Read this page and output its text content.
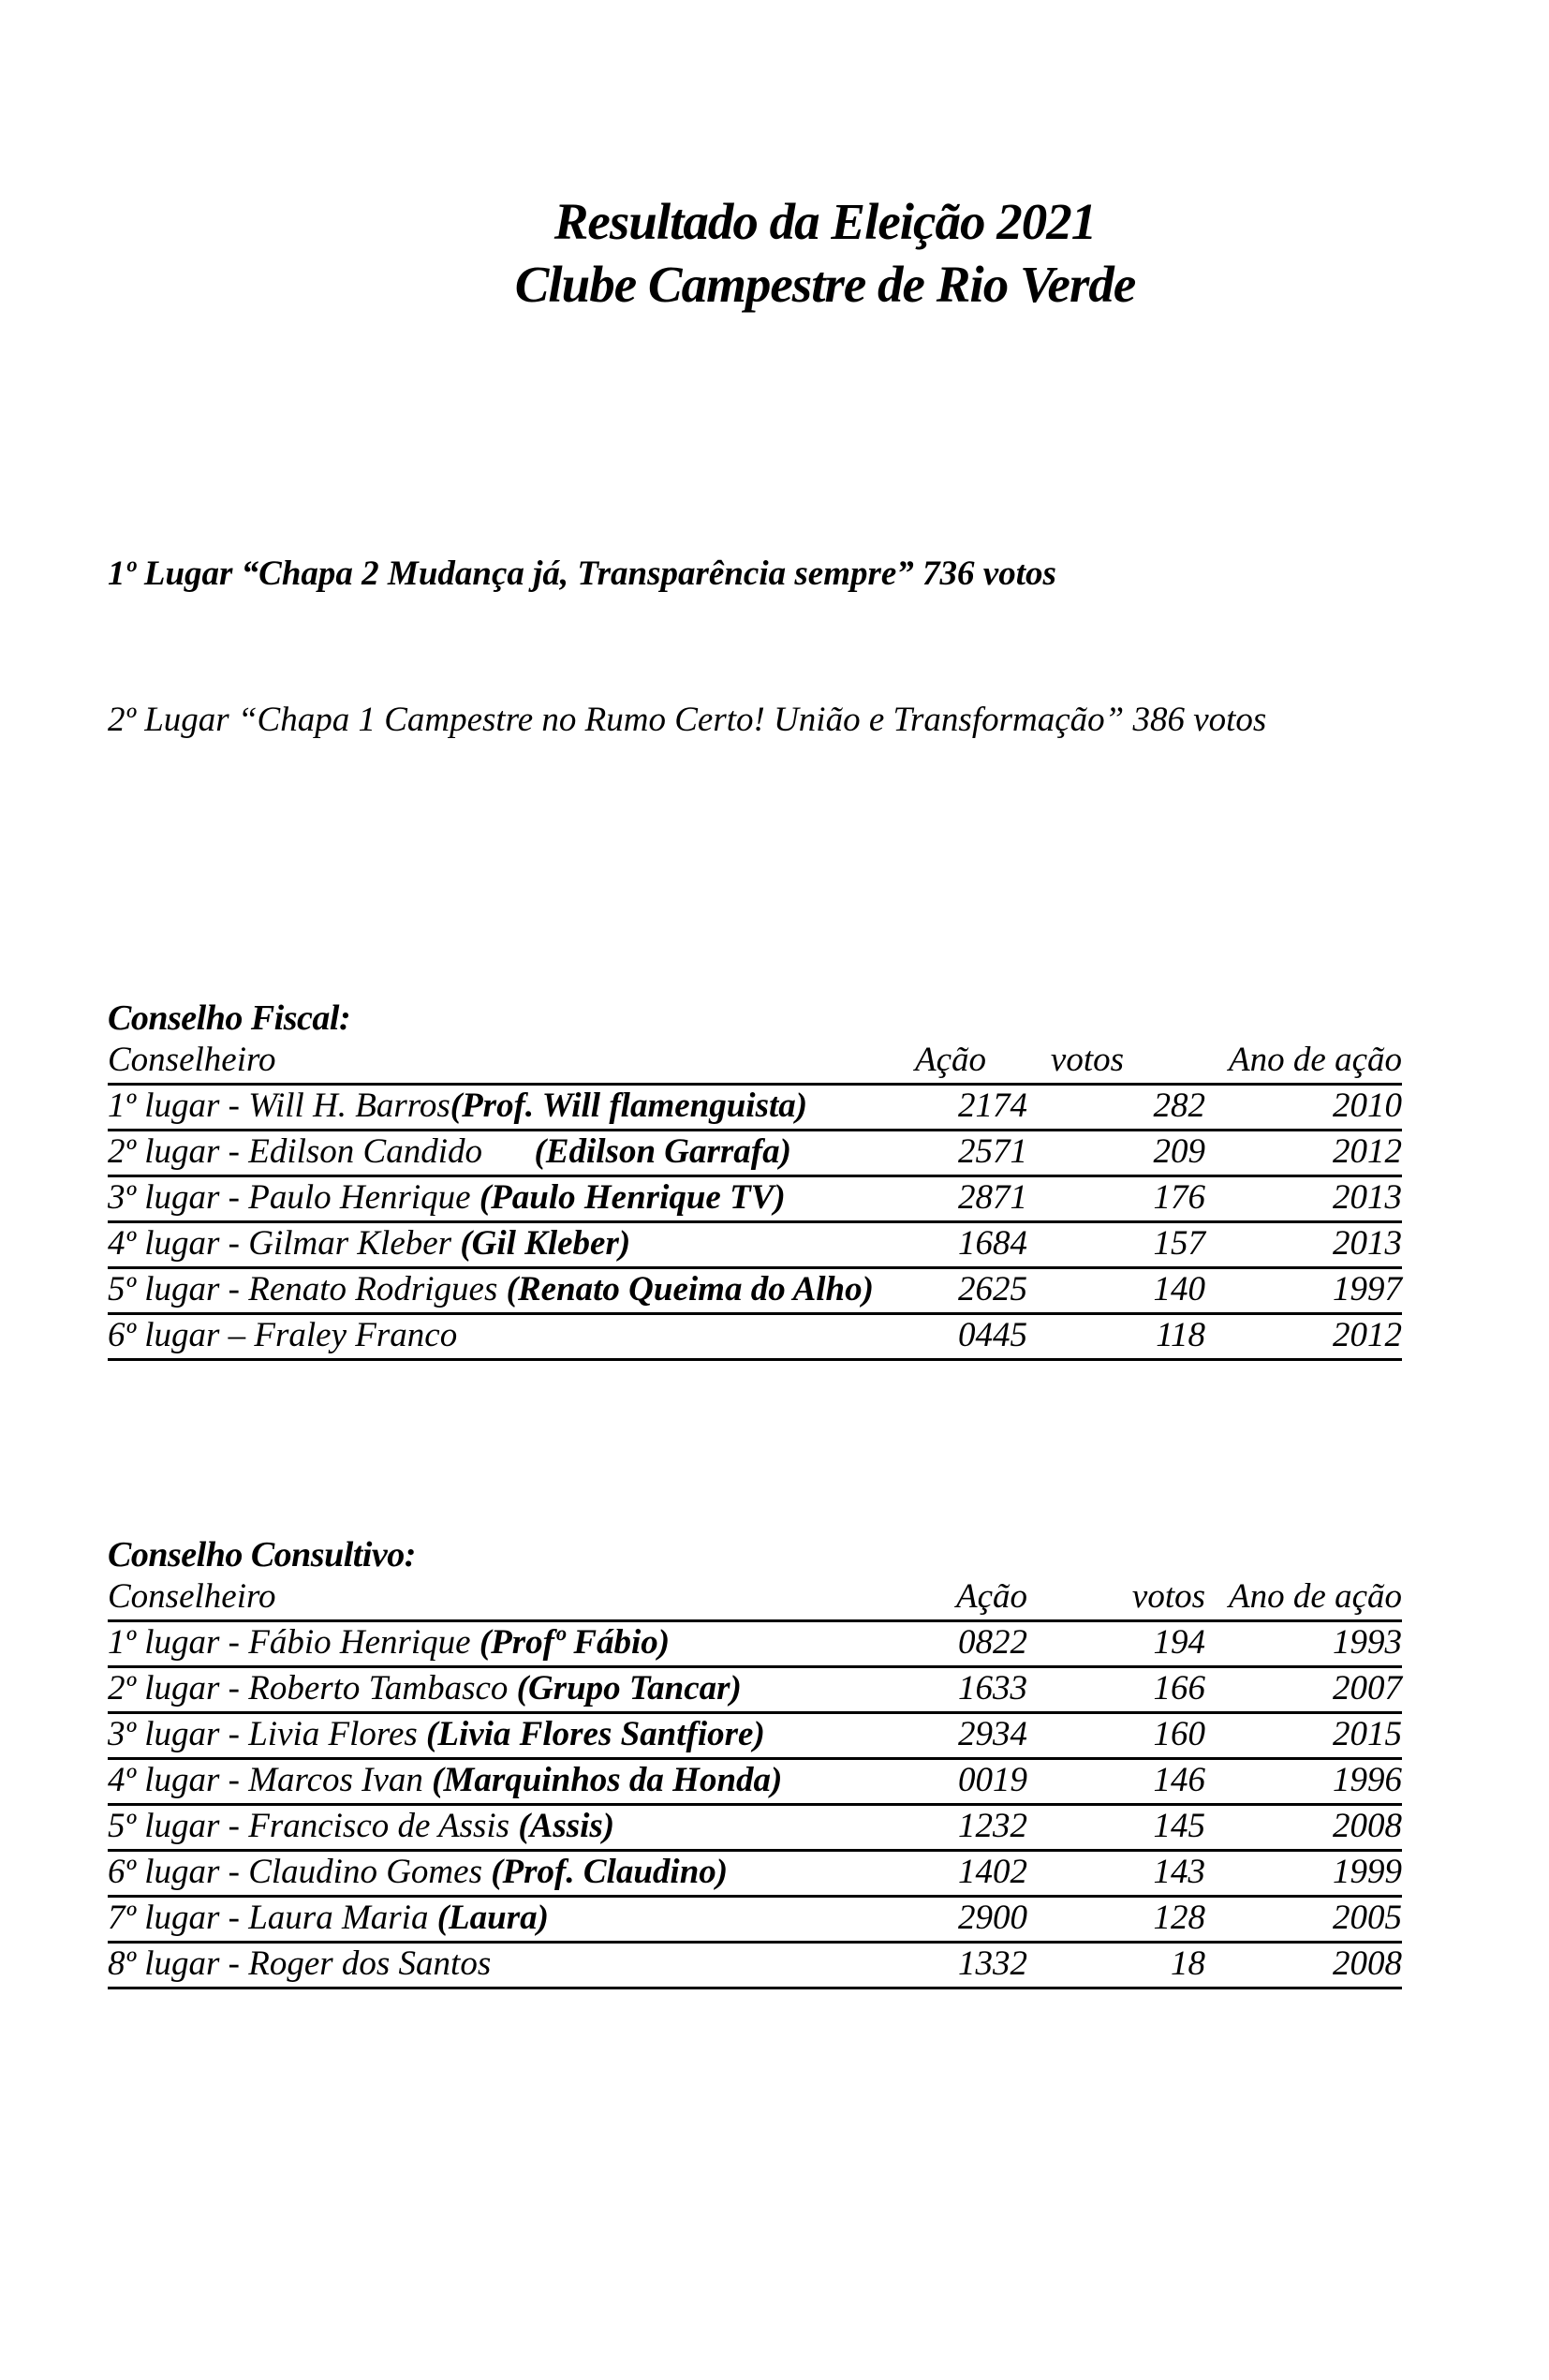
Resultado da Eleição 2021
Clube Campestre de Rio Verde

1º Lugar “Chapa 2 Mudança já, Transparência sempre” 736 votos

2º Lugar “Chapa 1 Campestre no Rumo Certo! União e Transformação” 386 votos

Conselho Fiscal:
Conselheiro	Ação	votos	Ano de ação
1º lugar - Will H. Barros(Prof. Will flamenguista)	2174	282	2010
2º lugar - Edilson Candido      (Edilson Garrafa)	2571	209	2012
3º lugar - Paulo Henrique (Paulo Henrique TV)	2871	176	2013
4º lugar - Gilmar Kleber (Gil Kleber)	1684	157	2013
5º lugar - Renato Rodrigues (Renato Queima do Alho)	2625	140	1997
6º lugar – Fraley Franco	0445	118	2012
Conselho Consultivo:
Conselheiro	Ação	votos	Ano de ação
1º lugar - Fábio Henrique (Profº Fábio)	0822	194	1993
2º lugar - Roberto Tambasco (Grupo Tancar)	1633	166	2007
3º lugar - Livia Flores (Livia Flores Santfiore)	2934	160	2015
4º lugar - Marcos Ivan (Marquinhos da Honda)	0019	146	1996
5º lugar - Francisco de Assis (Assis)	1232	145	2008
6º lugar - Claudino Gomes (Prof. Claudino)	1402	143	1999
7º lugar - Laura Maria (Laura)	2900	128	2005
8º lugar - Roger dos Santos	1332	18	2008
